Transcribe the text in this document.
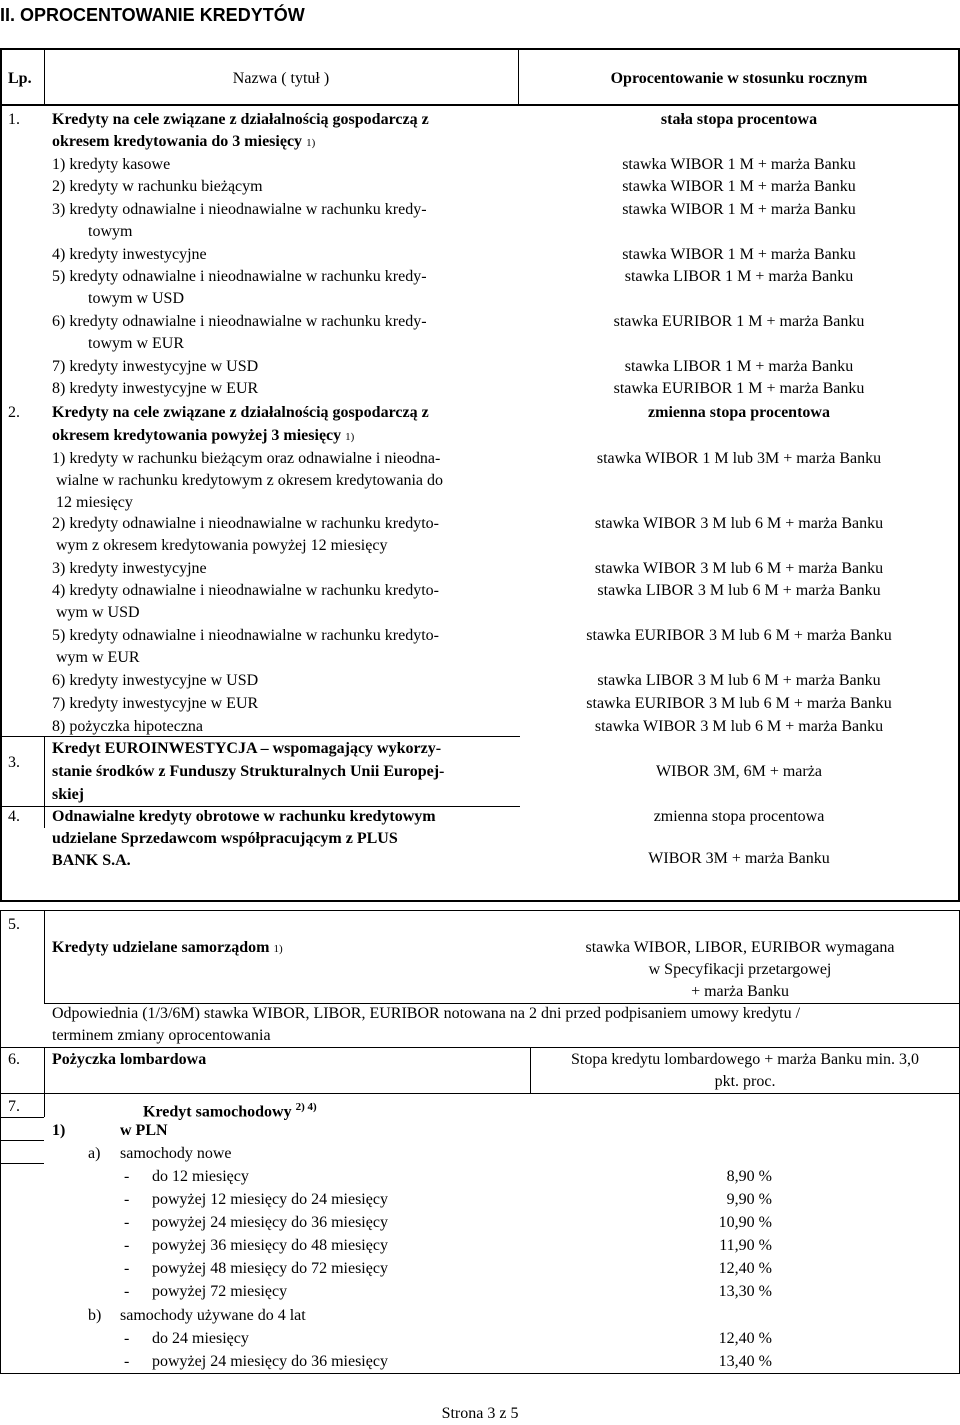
II. OPROCENTOWANIE KREDYTÓW
Lp.	Nazwa ( tytuł )	Oprocentowanie w stosunku rocznym
1. Kredyty na cele związane z działalnością gospodarczą z
okresem kredytowania do 3 miesięcy 1)
stała stopa procentowa
1) kredyty kasowe	stawka WIBOR 1 M + marża Banku
2) kredyty w rachunku bieżącym	stawka WIBOR 1 M + marża Banku
3) kredyty odnawialne i nieodnawialne w rachunku kredy-
towym
stawka WIBOR 1 M + marża Banku
4) kredyty inwestycyjne	stawka WIBOR 1 M + marża Banku
5) kredyty odnawialne i nieodnawialne w rachunku kredy-
towym w USD
stawka LIBOR 1 M + marża Banku
6) kredyty odnawialne i nieodnawialne w rachunku kredy-
towym w EUR
stawka EURIBOR 1 M + marża Banku
7) kredyty inwestycyjne w USD	stawka LIBOR 1 M + marża Banku
8) kredyty inwestycyjne w EUR	stawka EURIBOR 1 M + marża Banku
2. Kredyty na cele związane z działalnością gospodarczą z
okresem kredytowania powyżej 3 miesięcy 1)
zmienna stopa procentowa
1) kredyty w rachunku bieżącym oraz odnawialne i nieodna-
wialne w rachunku kredytowym z okresem kredytowania do
12 miesięcy
stawka WIBOR 1 M lub 3M + marża Banku
2) kredyty odnawialne i nieodnawialne w rachunku kredyto-
wym z okresem kredytowania powyżej 12 miesięcy
stawka WIBOR 3 M lub 6 M + marża Banku
3) kredyty inwestycyjne	stawka WIBOR 3 M lub 6 M + marża Banku
4) kredyty odnawialne i nieodnawialne w rachunku kredyto-
wym w USD
stawka LIBOR 3 M lub 6 M + marża Banku
5) kredyty odnawialne i nieodnawialne w rachunku kredyto-
wym w EUR
stawka EURIBOR 3 M lub 6 M + marża Banku
6) kredyty inwestycyjne w USD	stawka LIBOR 3 M lub 6 M + marża Banku
7) kredyty inwestycyjne w EUR	stawka EURIBOR 3 M lub 6 M + marża Banku
8) pożyczka hipoteczna	stawka WIBOR 3 M lub 6 M + marża Banku
3.
Kredyt EUROINWESTYCJA – wspomagający wykorzy-
stanie środków z Funduszy Strukturalnych Unii Europej-
skiej
WIBOR 3M, 6M + marża
4. Odnawialne kredyty obrotowe w rachunku kredytowym
udzielane Sprzedawcom współpracującym z PLUS
BANK S.A.
zmienna stopa procentowa
WIBOR 3M + marża Banku
5.
Kredyty udzielane samorządom 1)	stawka WIBOR, LIBOR, EURIBOR wymagana
w Specyfikacji przetargowej
+ marża Banku
Odpowiednia (1/3/6M) stawka WIBOR, LIBOR, EURIBOR notowana na 2 dni przed podpisaniem umowy kredytu /
terminem zmiany oprocentowania
6. Pożyczka lombardowa	Stopa kredytu lombardowego + marża Banku min. 3,0
pkt. proc.
7.	Kredyt samochodowy $^{2) 4)}$
1)	w PLN
a) samochody nowe
- do 12 miesięcy	8,90 %
- powyżej 12 miesięcy do 24 miesięcy	9,90 %
- powyżej 24 miesięcy do 36 miesięcy	10,90 %
- powyżej 36 miesięcy do 48 miesięcy	11,90 %
- powyżej 48 miesięcy do 72 miesięcy	12,40 %
- powyżej 72 miesięcy	13,30 %
b) samochody używane do 4 lat
- do 24 miesięcy	12,40 %
- powyżej 24 miesięcy do 36 miesięcy	13,40 %
Strona 3 z 5
